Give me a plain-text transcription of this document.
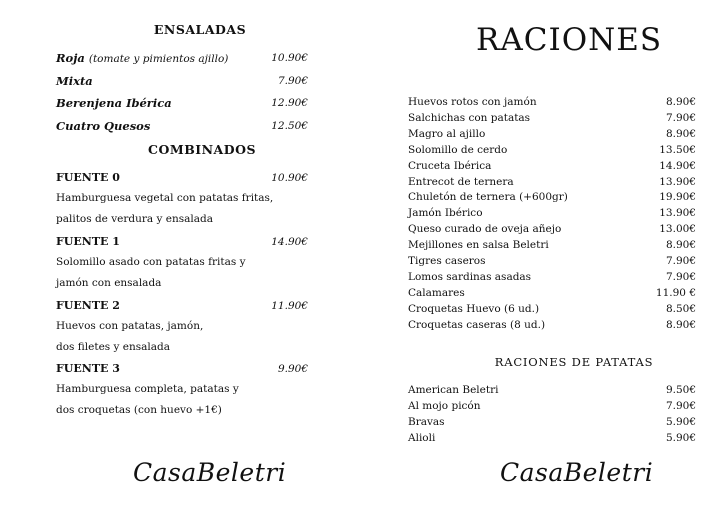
ENSALADAS
Roja (tomate y pimientos ajillo)	10.90€
Mixta	7.90€
Berenjena Ibérica	12.90€
Cuatro Quesos	12.50€
COMBINADOS
FUENTE 0	10.90€
Hamburguesa vegetal con patatas fritas,
palitos de verdura y ensalada
FUENTE 1	14.90€
Solomillo asado con patatas fritas y
jamón con ensalada
FUENTE 2	11.90€
Huevos con patatas, jamón,
dos filetes y ensalada
FUENTE 3	9.90€
Hamburguesa completa, patatas y
dos croquetas (con huevo +1€)
CasaBeletri
RACIONES
Huevos rotos con jamón	8.90€
Salchichas con patatas	7.90€
Magro al ajillo	8.90€
Solomillo de cerdo	13.50€
Cruceta Ibérica	14.90€
Entrecot de ternera	13.90€
Chuletón de ternera (+600gr)	19.90€
Jamón Ibérico	13.90€
Queso curado de oveja añejo	13.00€
Mejillones en salsa Beletri	8.90€
Tigres caseros	7.90€
Lomos sardinas asadas	7.90€
Calamares	11.90 €
Croquetas Huevo (6 ud.)	8.50€
Croquetas caseras (8 ud.)	8.90€
RACIONES DE PATATAS
American Beletri	9.50€
Al mojo picón	7.90€
Bravas	5.90€
Alioli	5.90€
CasaBeletri
